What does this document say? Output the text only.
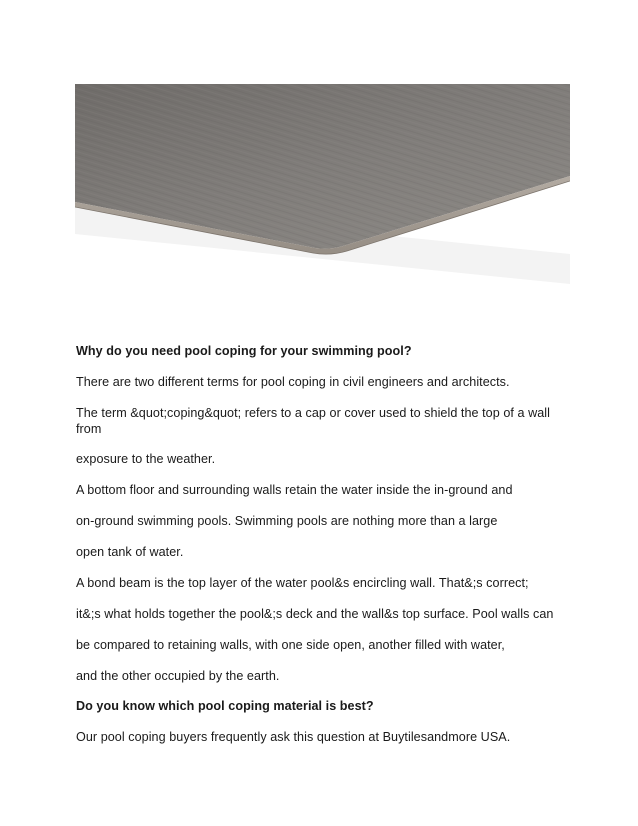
Why do you need pool coping for your swimming pool?
There are two different terms for pool coping in civil engineers and architects.
The term &quot;coping&quot; refers to a cap or cover used to shield the top of a wall
from
exposure to the weather.
A bottom floor and surrounding walls retain the water inside the in-ground and
on-ground swimming pools. Swimming pools are nothing more than a large
open tank of water.
A bond beam is the top layer of the water pool&s encircling wall. That&;s correct;
it&;s what holds together the pool&;s deck and the wall&s top surface. Pool walls can
be compared to retaining walls, with one side open, another filled with water,
and the other occupied by the earth.
Do you know which pool coping material is best?
Our pool coping buyers frequently ask this question at Buytilesandmore USA.
